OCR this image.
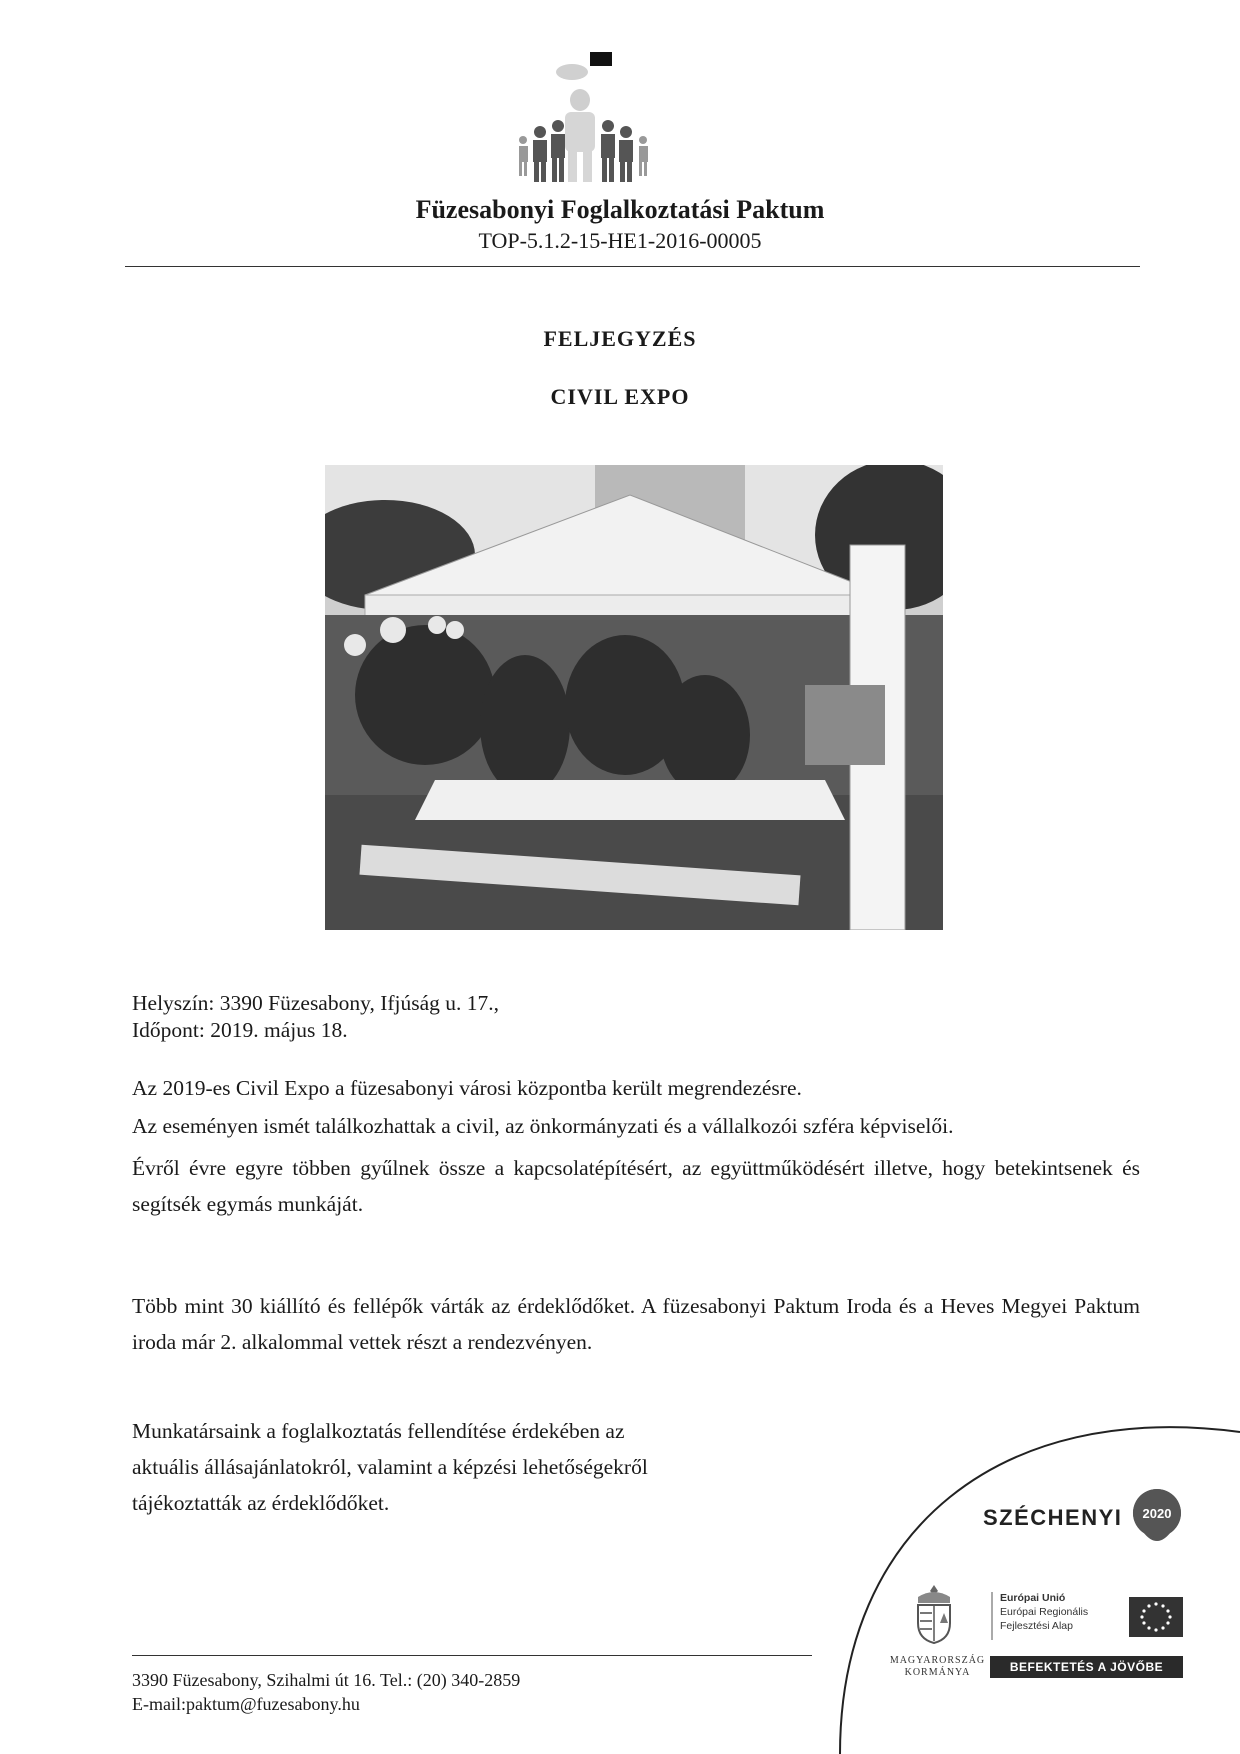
Füzesabonyi Foglalkoztatási Paktum
TOP-5.1.2-15-HE1-2016-00005
FELJEGYZÉS
CIVIL EXPO
Helyszín: 3390 Füzesabony, Ifjúság u. 17.,
Időpont: 2019. május 18.
Az 2019-es Civil Expo a füzesabonyi városi központba került megrendezésre.
Az eseményen ismét találkozhattak a civil, az önkormányzati és a vállalkozói szféra képviselői.
Évről évre egyre többen gyűlnek össze a kapcsolatépítésért, az együttműködésért illetve, hogy betekintsenek és segítsék egymás munkáját.
Több mint 30 kiállító és fellépők várták az érdeklődőket. A füzesabonyi Paktum Iroda és a Heves Megyei Paktum iroda már 2. alkalommal vettek részt a rendezvényen.
Munkatársaink a foglalkoztatás fellendítése érdekében az aktuális állásajánlatokról, valamint a képzési lehetőségekről tájékoztatták az érdeklődőket.
SZÉCHENYI 2020
MAGYARORSZÁG
KORMÁNYA
Európai Unió
Európai Regionális
Fejlesztési Alap
BEFEKTETÉS A JÖVŐBE
3390 Füzesabony, Szihalmi út 16. Tel.: (20) 340-2859
E-mail:paktum@fuzesabony.hu
